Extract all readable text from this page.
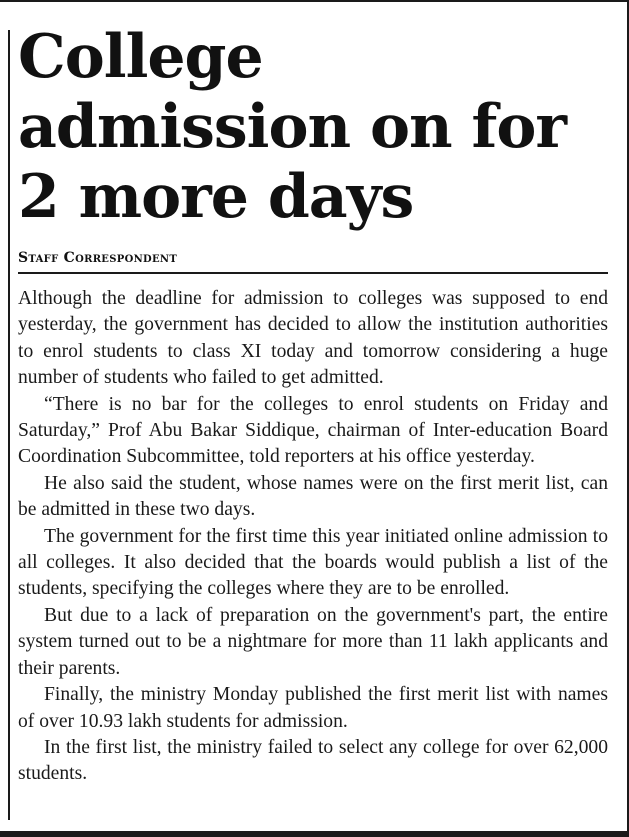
College admission on for 2 more days
Staff Correspondent

Although the deadline for admission to colleges was supposed to end yesterday, the government has decided to allow the institution authorities to enrol students to class XI today and tomorrow considering a huge number of students who failed to get admitted.

“There is no bar for the colleges to enrol students on Friday and Saturday,” Prof Abu Bakar Siddique, chairman of Inter-education Board Coordination Subcommittee, told reporters at his office yesterday.

He also said the student, whose names were on the first merit list, can be admitted in these two days.

The government for the first time this year initiated online admission to all colleges. It also decided that the boards would publish a list of the students, specifying the colleges where they are to be enrolled.

But due to a lack of preparation on the government's part, the entire system turned out to be a nightmare for more than 11 lakh applicants and their parents.

Finally, the ministry Monday published the first merit list with names of over 10.93 lakh students for admission.

In the first list, the ministry failed to select any college for over 62,000 students.
